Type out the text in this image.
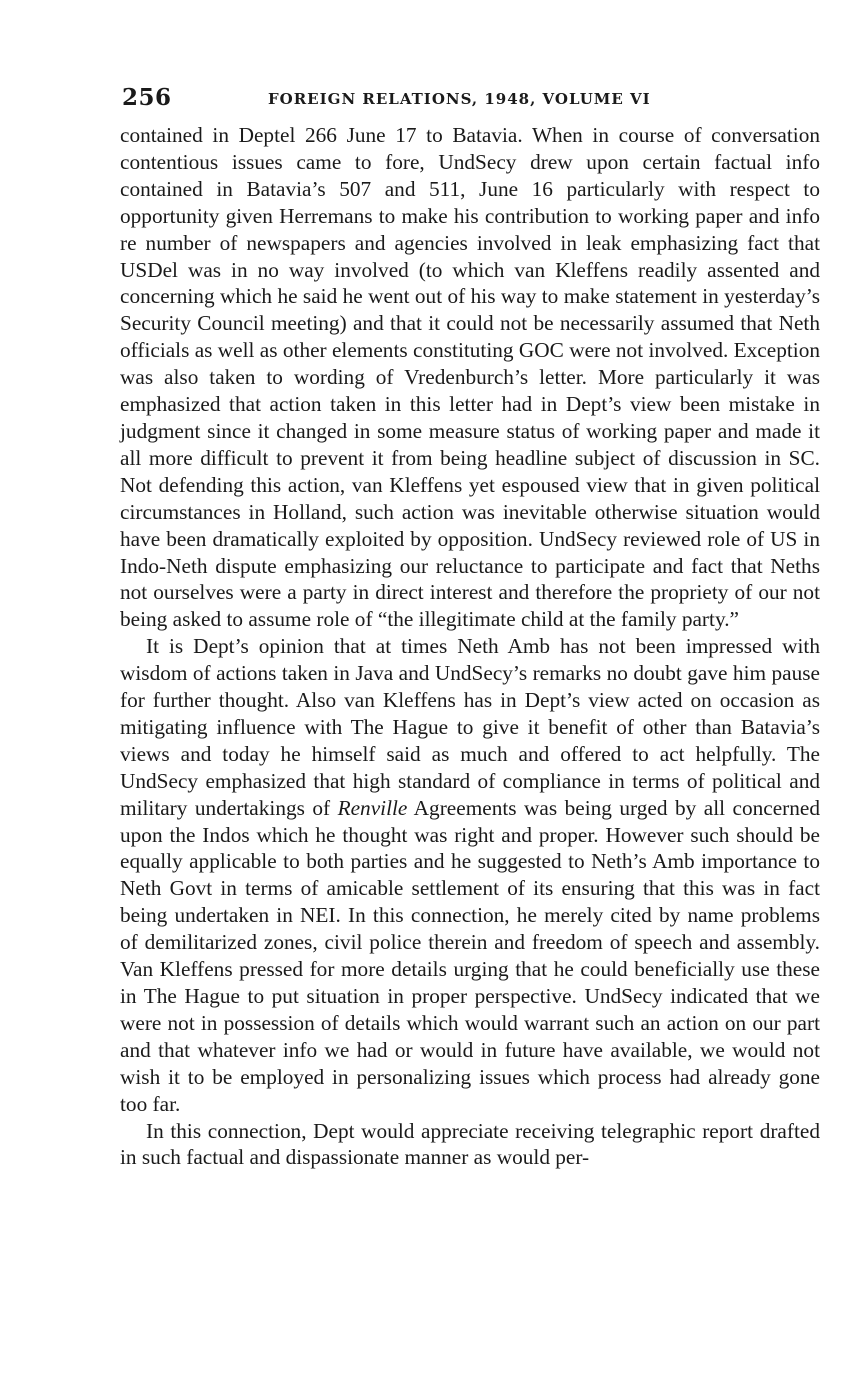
256	FOREIGN RELATIONS, 1948, VOLUME VI

contained in Deptel 266 June 17 to Batavia. When in course of conversation contentious issues came to fore, UndSecy drew upon certain factual info contained in Batavia’s 507 and 511, June 16 particularly with respect to opportunity given Herremans to make his contribution to working paper and info re number of newspapers and agencies involved in leak emphasizing fact that USDel was in no way involved (to which van Kleffens readily assented and concerning which he said he went out of his way to make statement in yesterday’s Security Council meeting) and that it could not be necessarily assumed that Neth officials as well as other elements constituting GOC were not involved. Exception was also taken to wording of Vredenburch’s letter. More particularly it was emphasized that action taken in this letter had in Dept’s view been mistake in judgment since it changed in some measure status of working paper and made it all more difficult to prevent it from being headline subject of discussion in SC. Not defending this action, van Kleffens yet espoused view that in given political circumstances in Holland, such action was inevitable otherwise situation would have been dramatically exploited by opposition. UndSecy reviewed role of US in Indo-Neth dispute emphasizing our reluctance to participate and fact that Neths not ourselves were a party in direct interest and therefore the propriety of our not being asked to assume role of “the illegitimate child at the family party.”

It is Dept’s opinion that at times Neth Amb has not been impressed with wisdom of actions taken in Java and UndSecy’s remarks no doubt gave him pause for further thought. Also van Kleffens has in Dept’s view acted on occasion as mitigating influence with The Hague to give it benefit of other than Batavia’s views and today he himself said as much and offered to act helpfully. The UndSecy emphasized that high standard of compliance in terms of political and military undertakings of Renville Agreements was being urged by all concerned upon the Indos which he thought was right and proper. However such should be equally applicable to both parties and he suggested to Neth’s Amb importance to Neth Govt in terms of amicable settlement of its ensuring that this was in fact being undertaken in NEI. In this connection, he merely cited by name problems of demilitarized zones, civil police therein and freedom of speech and assembly. Van Kleffens pressed for more details urging that he could beneficially use these in The Hague to put situation in proper perspective. UndSecy indicated that we were not in possession of details which would warrant such an action on our part and that whatever info we had or would in future have available, we would not wish it to be employed in personalizing issues which process had already gone too far.

In this connection, Dept would appreciate receiving telegraphic report drafted in such factual and dispassionate manner as would per-
